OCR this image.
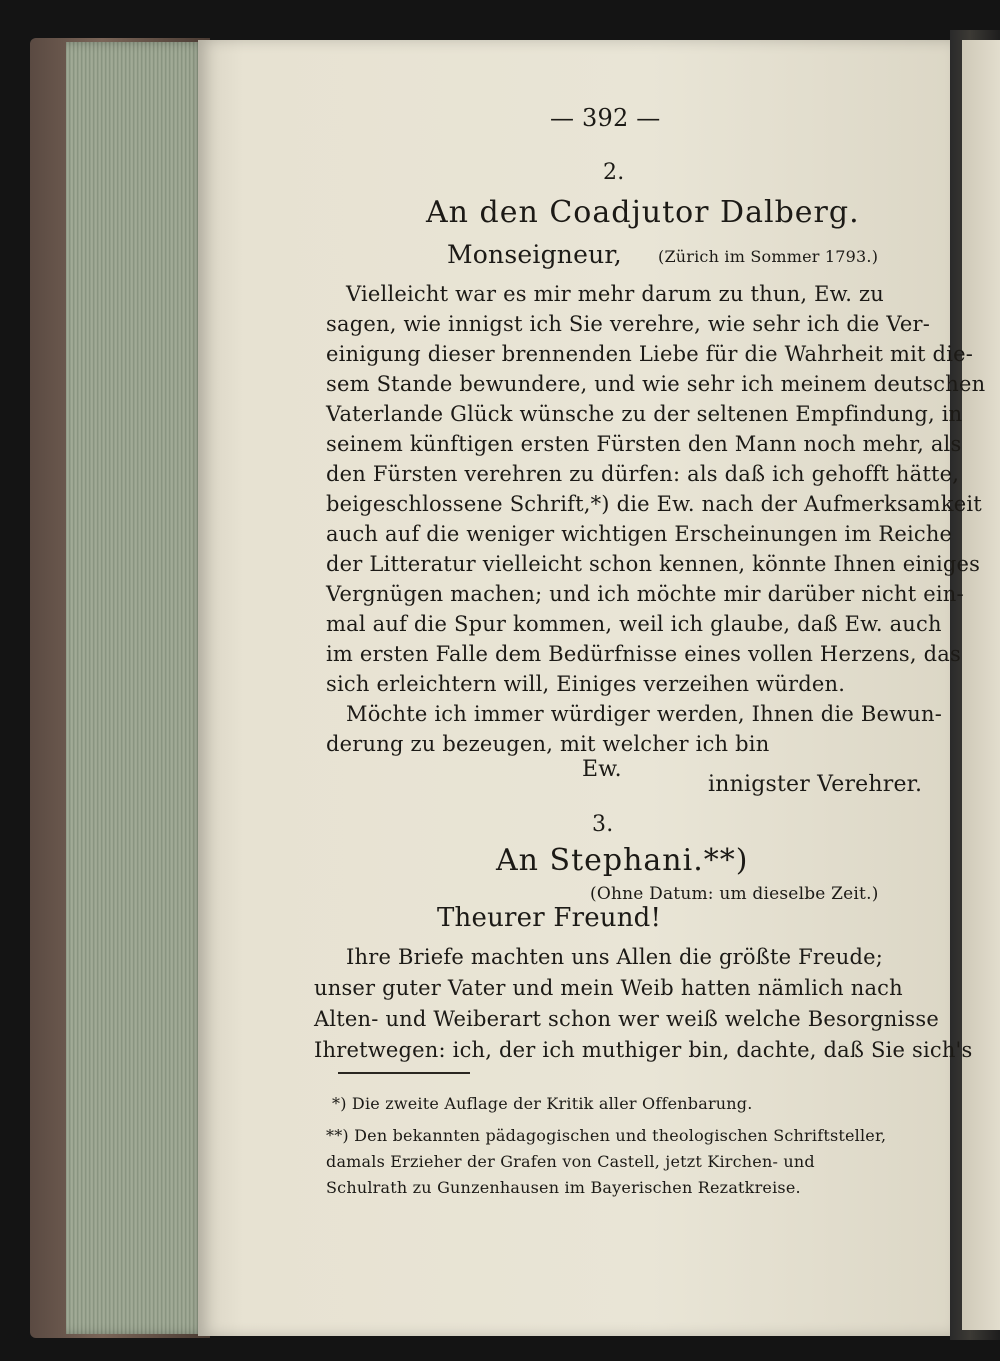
— 392 —
2.
An den Coadjutor Dalberg.
Monseigneur, (Zürich im Sommer 1793.)
Vielleicht war es mir mehr darum zu thun, Ew. zu
sagen, wie innigst ich Sie verehre, wie sehr ich die Ver-
einigung dieser brennenden Liebe für die Wahrheit mit die-
sem Stande bewundere, und wie sehr ich meinem deutschen
Vaterlande Glück wünsche zu der seltenen Empfindung, in
seinem künftigen ersten Fürsten den Mann noch mehr, als
den Fürsten verehren zu dürfen: als daß ich gehofft hätte,
beigeschlossene Schrift,*) die Ew. nach der Aufmerksamkeit
auch auf die weniger wichtigen Erscheinungen im Reiche
der Litteratur vielleicht schon kennen, könnte Ihnen einiges
Vergnügen machen; und ich möchte mir darüber nicht ein-
mal auf die Spur kommen, weil ich glaube, daß Ew. auch
im ersten Falle dem Bedürfnisse eines vollen Herzens, das
sich erleichtern will, Einiges verzeihen würden.
Möchte ich immer würdiger werden, Ihnen die Bewun-
derung zu bezeugen, mit welcher ich bin
Ew.
innigster Verehrer.
3.
An Stephani.**)
(Ohne Datum: um dieselbe Zeit.)
Theurer Freund!
Ihre Briefe machten uns Allen die größte Freude;
unser guter Vater und mein Weib hatten nämlich nach
Alten- und Weiberart schon wer weiß welche Besorgnisse
Ihretwegen: ich, der ich muthiger bin, dachte, daß Sie sich's
*) Die zweite Auflage der Kritik aller Offenbarung.
**) Den bekannten pädagogischen und theologischen Schriftsteller,
damals Erzieher der Grafen von Castell, jetzt Kirchen- und
Schulrath zu Gunzenhausen im Bayerischen Rezatkreise.
